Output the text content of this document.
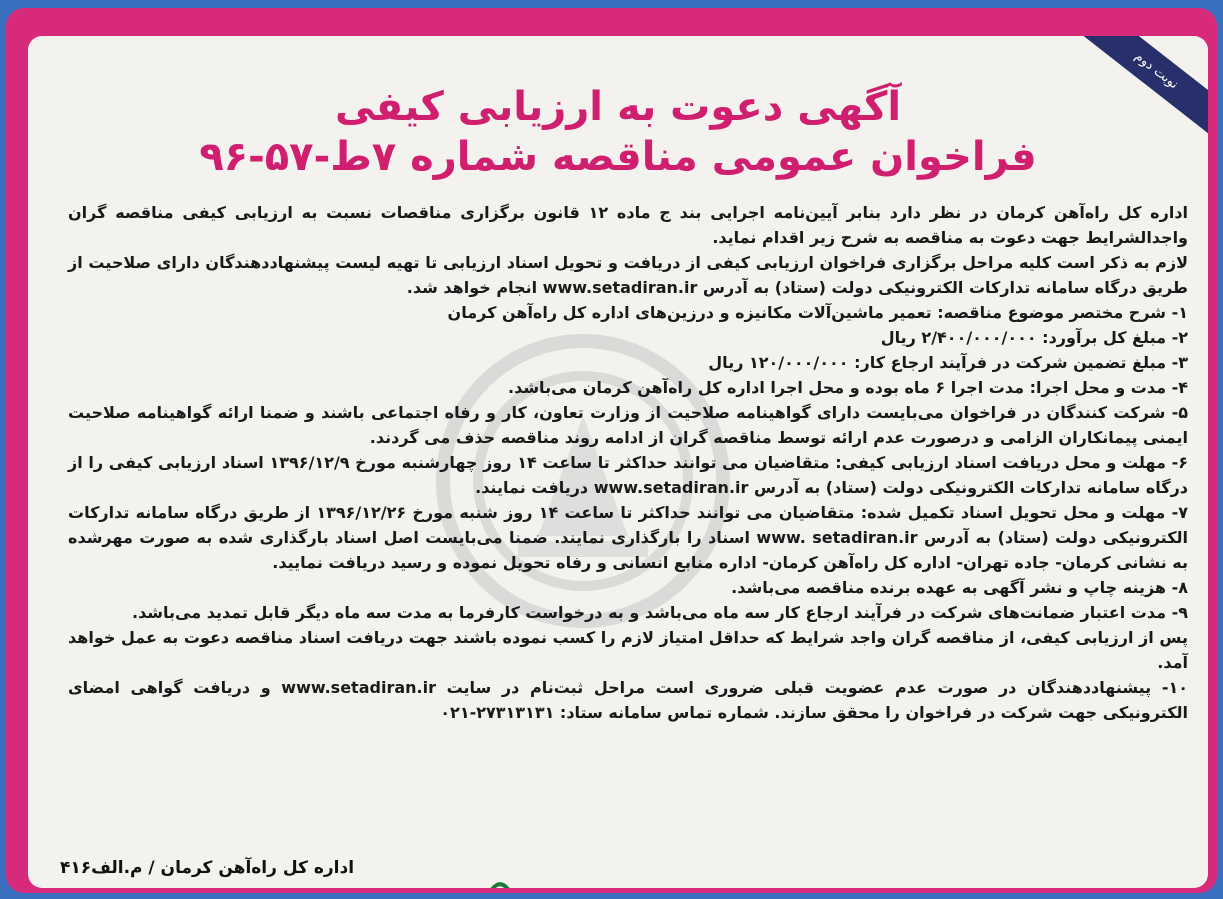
نوبت دوم
آگهی دعوت به ارزیابی کیفی
فراخوان عمومی مناقصه شماره ۷ط-۵۷-۹۶

اداره کل راه‌آهن کرمان در نظر دارد بنابر آیین‌نامه اجرایی بند ج ماده ۱۲ قانون برگزاری مناقصات نسبت به ارزیابی کیفی مناقصه گران واجدالشرایط جهت دعوت به مناقصه به شرح زیر اقدام نماید.

لازم به ذکر است کلیه مراحل برگزاری فراخوان ارزیابی کیفی از دریافت و تحویل اسناد ارزیابی تا تهیه لیست پیشنهاددهندگان دارای صلاحیت از طریق درگاه سامانه تدارکات الکترونیکی دولت (ستاد) به آدرس www.setadiran.ir انجام خواهد شد.

۱- شرح مختصر موضوع مناقصه: تعمیر ماشین‌آلات مکانیزه و درزین‌های اداره کل راه‌آهن کرمان

۲- مبلغ کل برآورد: ۲/۴۰۰/۰۰۰/۰۰۰ ریال

۳- مبلغ تضمین شرکت در فرآیند ارجاع کار: ۱۲۰/۰۰۰/۰۰۰ ریال

۴- مدت و محل اجرا: مدت اجرا ۶ ماه بوده و محل اجرا اداره کل راه‌آهن کرمان می‌باشد.

۵- شرکت کنندگان در فراخوان می‌بایست دارای گواهینامه صلاحیت از وزارت تعاون، کار و رفاه اجتماعی باشند و ضمنا ارائه گواهینامه صلاحیت ایمنی پیمانکاران الزامی و درصورت عدم ارائه توسط مناقصه گران از ادامه روند مناقصه حذف می گردند.

۶- مهلت و محل دریافت اسناد ارزیابی کیفی: متقاضیان می توانند حداکثر تا ساعت ۱۴ روز چهارشنبه مورخ ۱۳۹۶/۱۲/۹ اسناد ارزیابی کیفی را از درگاه سامانه تدارکات الکترونیکی دولت (ستاد) به آدرس www.setadiran.ir دریافت نمایند.

۷- مهلت و محل تحویل اسناد تکمیل شده: متقاضیان می توانند حداکثر تا ساعت ۱۴ روز شنبه مورخ ۱۳۹۶/۱۲/۲۶ از طریق درگاه سامانه تدارکات الکترونیکی دولت (ستاد) به آدرس www. setadiran.ir اسناد را بارگذاری نمایند. ضمنا می‌بایست اصل اسناد بارگذاری شده به صورت مهرشده به نشانی کرمان- جاده تهران- اداره کل راه‌آهن کرمان- اداره منابع انسانی و رفاه تحویل نموده و رسید دریافت نمایید.

۸- هزینه چاپ و نشر آگهی به عهده برنده مناقصه می‌باشد.

۹- مدت اعتبار ضمانت‌های شرکت در فرآیند ارجاع کار سه ماه می‌باشد و به درخواست کارفرما به مدت سه ماه دیگر قابل تمدید می‌باشد.

پس از ارزیابی کیفی، از مناقصه گران واجد شرایط که حداقل امتیاز لازم را کسب نموده باشند جهت دریافت اسناد مناقصه دعوت به عمل خواهد آمد.

۱۰- پیشنهاددهندگان در صورت عدم عضویت قبلی ضروری است مراحل ثبت‌نام در سایت www.setadiran.ir و دریافت گواهی امضای الکترونیکی جهت شرکت در فراخوان را محقق سازند. شماره تماس سامانه ستاد: ۲۷۳۱۳۱۳۱-۰۲۱

اداره کل راه‌آهن کرمان / م.الف۴۱۶
